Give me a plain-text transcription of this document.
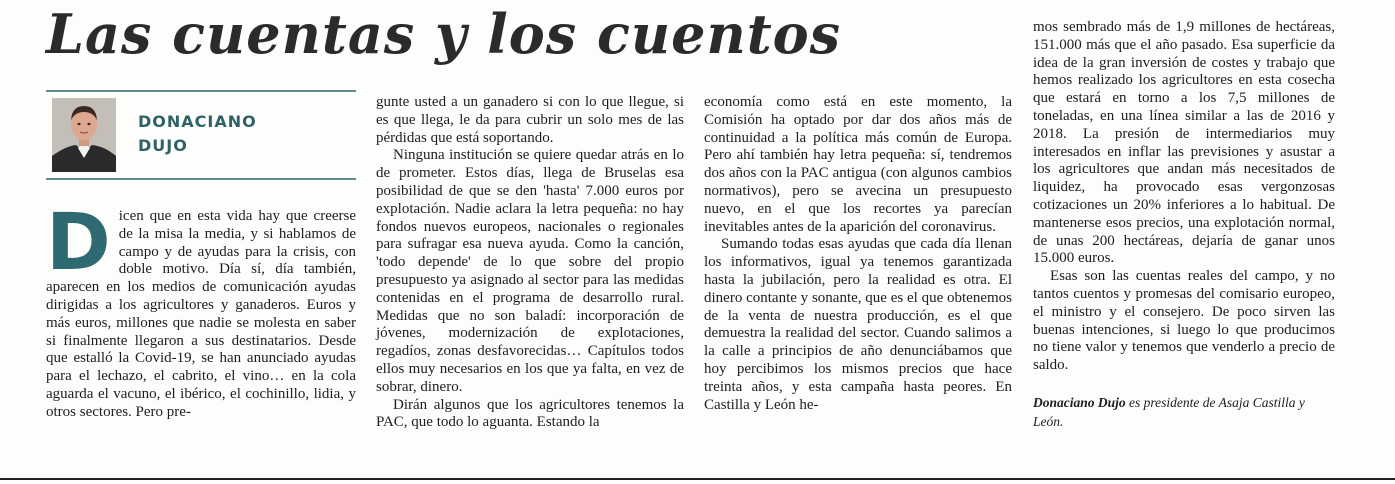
Las cuentas y los cuentos
DONACIANO
DUJO

Dicen que en esta vida hay que creerse de la misa la media, y si hablamos de campo y de ayudas para la crisis, con doble motivo. Día sí, día también, aparecen en los medios de comunicación ayudas dirigidas a los agricultores y ganaderos. Euros y más euros, millones que nadie se molesta en saber si finalmente llegaron a sus destinatarios. Desde que estalló la Covid-19, se han anunciado ayudas para el lechazo, el cabrito, el vino… en la cola aguarda el vacuno, el ibérico, el cochinillo, lidia, y otros sectores. Pero pre-

gunte usted a un ganadero si con lo que llegue, si es que llega, le da para cubrir un solo mes de las pérdidas que está soportando.

Ninguna institución se quiere quedar atrás en lo de prometer. Estos días, llega de Bruselas esa posibilidad de que se den 'hasta' 7.000 euros por explotación. Nadie aclara la letra pequeña: no hay fondos nuevos europeos, nacionales o regionales para sufragar esa nueva ayuda. Como la canción, 'todo depende' de lo que sobre del propio presupuesto ya asignado al sector para las medidas contenidas en el programa de desarrollo rural. Medidas que no son baladí: incorporación de jóvenes, modernización de explotaciones, regadíos, zonas desfavorecidas… Capítulos todos ellos muy necesarios en los que ya falta, en vez de sobrar, dinero.

Dirán algunos que los agricultores tenemos la PAC, que todo lo aguanta. Estando la

economía como está en este momento, la Comisión ha optado por dar dos años más de continuidad a la política más común de Europa. Pero ahí también hay letra pequeña: sí, tendremos dos años con la PAC antigua (con algunos cambios normativos), pero se avecina un presupuesto nuevo, en el que los recortes ya parecían inevitables antes de la aparición del coronavirus.

Sumando todas esas ayudas que cada día llenan los informativos, igual ya tenemos garantizada hasta la jubilación, pero la realidad es otra. El dinero contante y sonante, que es el que obtenemos de la venta de nuestra producción, es el que demuestra la realidad del sector. Cuando salimos a la calle a principios de año denunciábamos que hoy percibimos los mismos precios que hace treinta años, y esta campaña hasta peores. En Castilla y León he-

mos sembrado más de 1,9 millones de hectáreas, 151.000 más que el año pasado. Esa superficie da idea de la gran inversión de costes y trabajo que hemos realizado los agricultores en esta cosecha que estará en torno a los 7,5 millones de toneladas, en una línea similar a las de 2016 y 2018. La presión de intermediarios muy interesados en inflar las previsiones y asustar a los agricultores que andan más necesitados de liquidez, ha provocado esas vergonzosas cotizaciones un 20% inferiores a lo habitual. De mantenerse esos precios, una explotación normal, de unas 200 hectáreas, dejaría de ganar unos 15.000 euros.

Esas son las cuentas reales del campo, y no tantos cuentos y promesas del comisario europeo, el ministro y el consejero. De poco sirven las buenas intenciones, si luego lo que producimos no tiene valor y tenemos que venderlo a precio de saldo.

Donaciano Dujo es presidente de Asaja Castilla y León.
